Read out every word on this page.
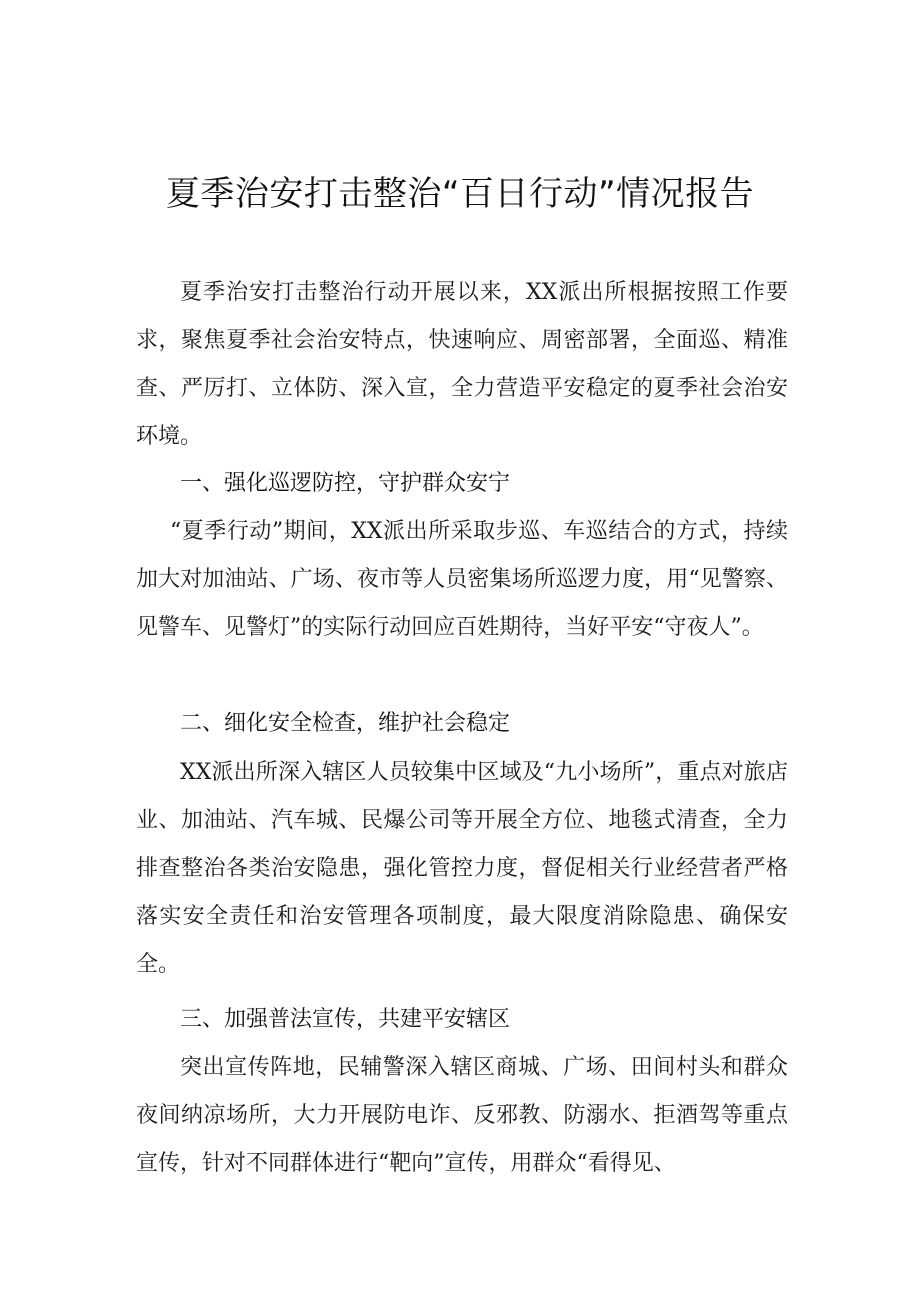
夏季治安打击整治“百日行动”情况报告

夏季治安打击整治行动开展以来，XX派出所根据按照工作要求，聚焦夏季社会治安特点，快速响应、周密部署，全面巡、精准查、严厉打、立体防、深入宣，全力营造平安稳定的夏季社会治安环境。

一、强化巡逻防控，守护群众安宁

“夏季行动”期间，XX派出所采取步巡、车巡结合的方式，持续加大对加油站、广场、夜市等人员密集场所巡逻力度，用“见警察、见警车、见警灯”的实际行动回应百姓期待，当好平安“守夜人”。

二、细化安全检查，维护社会稳定

XX派出所深入辖区人员较集中区域及“九小场所”，重点对旅店业、加油站、汽车城、民爆公司等开展全方位、地毯式清查，全力排查整治各类治安隐患，强化管控力度，督促相关行业经营者严格落实安全责任和治安管理各项制度，最大限度消除隐患、确保安全。

三、加强普法宣传，共建平安辖区

突出宣传阵地，民辅警深入辖区商城、广场、田间村头和群众夜间纳凉场所，大力开展防电诈、反邪教、防溺水、拒酒驾等重点宣传，针对不同群体进行“靶向”宣传，用群众“看得见、
